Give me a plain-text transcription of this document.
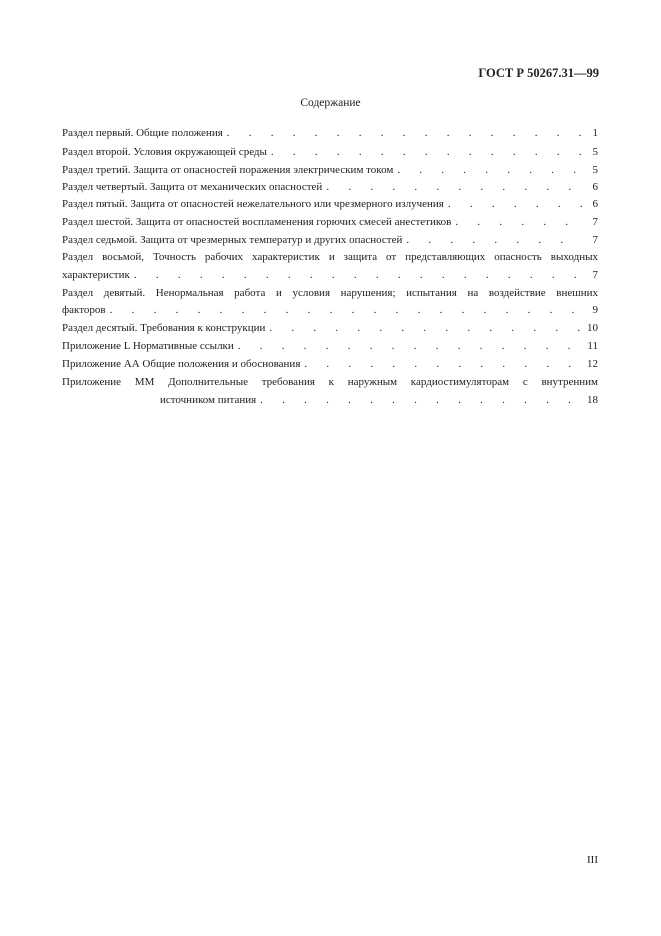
ГОСТ Р 50267.31—99
Содержание
Раздел первый. Общие положения .	1
Раздел второй. Условия окружающей среды .	5
Раздел третий. Защита от опасностей поражения электрическим током .	5
Раздел четвертый. Защита от механических опасностей .	6
Раздел пятый. Защита от опасностей нежелательного или чрезмерного излучения .	6
Раздел шестой. Защита от опасностей воспламенения горючих смесей анестетиков .	7
Раздел седьмой. Защита от чрезмерных температур и других опасностей .	7
Раздел восьмой, Точность рабочих характеристик и защита от представляющих опасность выходных
характеристик .	7
Раздел девятый. Ненормальная работа и условия нарушения; испытания на воздействие внешних
факторов .	9
Раздел десятый. Требования к конструкции .	10
Приложение L Нормативные ссылки .	11
Приложение АА Общие положения и обоснования .	12
Приложение ММ Дополнительные требования к наружным кардиостимуляторам с внутренним
источником питания .	18
III
